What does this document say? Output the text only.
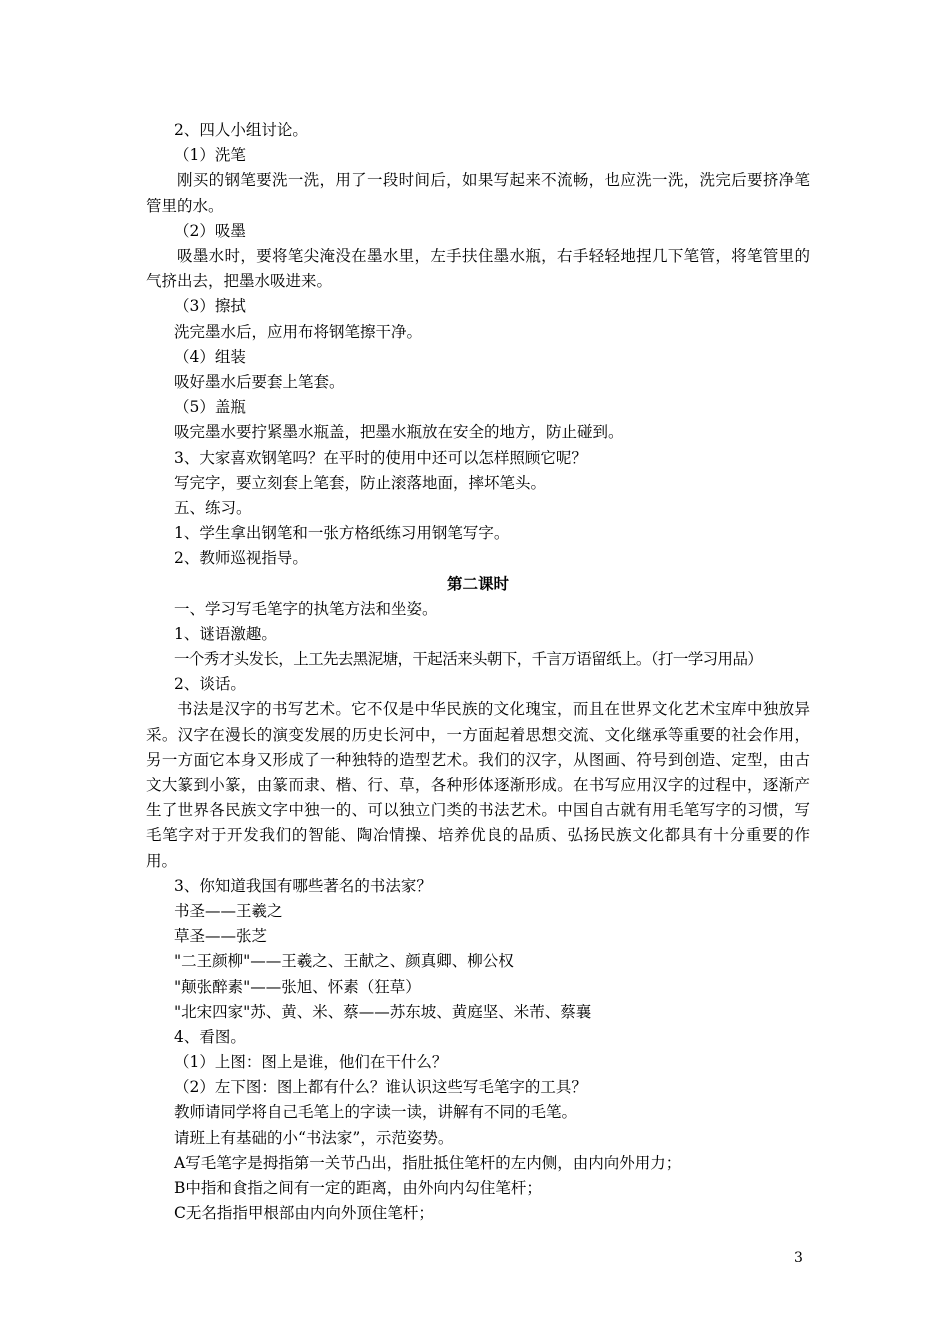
2、四人小组讨论。
（1）洗笔
刚买的钢笔要洗一洗，用了一段时间后，如果写起来不流畅，也应洗一洗，洗完后要挤净笔管里的水。
（2）吸墨
吸墨水时，要将笔尖淹没在墨水里，左手扶住墨水瓶，右手轻轻地捏几下笔管，将笔管里的气挤出去，把墨水吸进来。
（3）擦拭
洗完墨水后，应用布将钢笔擦干净。
（4）组装
吸好墨水后要套上笔套。
（5）盖瓶
吸完墨水要拧紧墨水瓶盖，把墨水瓶放在安全的地方，防止碰到。
3、大家喜欢钢笔吗？在平时的使用中还可以怎样照顾它呢？
写完字，要立刻套上笔套，防止滚落地面，摔坏笔头。
五、练习。
1、学生拿出钢笔和一张方格纸练习用钢笔写字。
2、教师巡视指导。
第二课时
一、学习写毛笔字的执笔方法和坐姿。
1、谜语激趣。
一个秀才头发长，上工先去黑泥塘，干起活来头朝下，千言万语留纸上。（打一学习用品）
2、谈话。
书法是汉字的书写艺术。它不仅是中华民族的文化瑰宝，而且在世界文化艺术宝库中独放异采。汉字在漫长的演变发展的历史长河中，一方面起着思想交流、文化继承等重要的社会作用，另一方面它本身又形成了一种独特的造型艺术。我们的汉字，从图画、符号到创造、定型，由古文大篆到小篆，由篆而隶、楷、行、草，各种形体逐渐形成。在书写应用汉字的过程中，逐渐产生了世界各民族文字中独一的、可以独立门类的书法艺术。中国自古就有用毛笔写字的习惯，写毛笔字对于开发我们的智能、陶冶情操、培养优良的品质、弘扬民族文化都具有十分重要的作用。
3、你知道我国有哪些著名的书法家？
书圣——王羲之
草圣——张芝
"二王颜柳"——王羲之、王献之、颜真卿、柳公权
"颠张醉素"——张旭、怀素（狂草）
"北宋四家"苏、黄、米、蔡——苏东坡、黄庭坚、米芾、蔡襄
4、看图。
（1）上图：图上是谁，他们在干什么？
（2）左下图：图上都有什么？谁认识这些写毛笔字的工具？
教师请同学将自己毛笔上的字读一读，讲解有不同的毛笔。
请班上有基础的小“书法家”，示范姿势。
A写毛笔字是拇指第一关节凸出，指肚抵住笔杆的左内侧，由内向外用力；
B中指和食指之间有一定的距离，由外向内勾住笔杆；
C无名指指甲根部由内向外顶住笔杆；
3
